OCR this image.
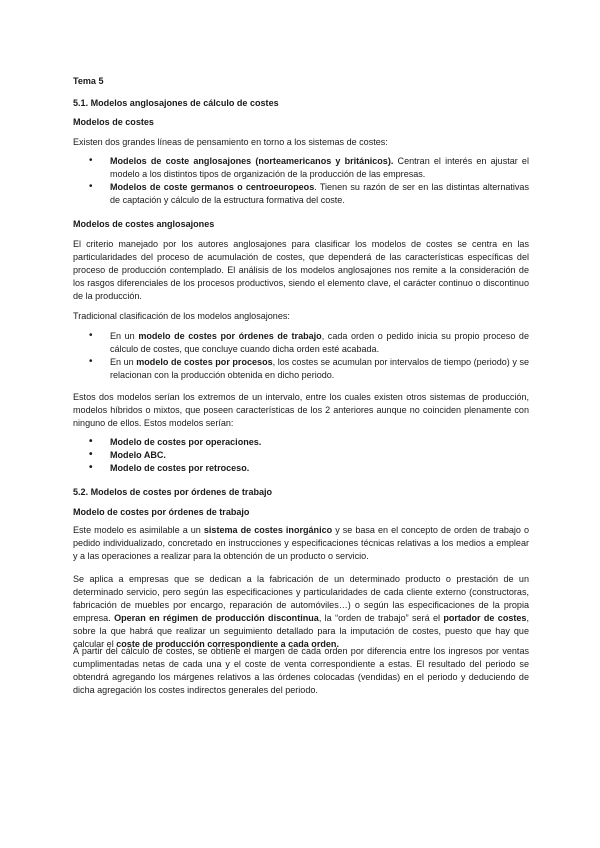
Tema 5
5.1. Modelos anglosajones de cálculo de costes
Modelos de costes

Existen dos grandes líneas de pensamiento en torno a los sistemas de costes:

• Modelos de coste anglosajones (norteamericanos y británicos). Centran el interés en ajustar el modelo a los distintos tipos de organización de la producción de las empresas.
• Modelos de coste germanos o centroeuropeos. Tienen su razón de ser en las distintas alternativas de captación y cálculo de la estructura formativa del coste.
Modelos de costes anglosajones

El criterio manejado por los autores anglosajones para clasificar los modelos de costes se centra en las particularidades del proceso de acumulación de costes, que dependerá de las características específicas del proceso de producción contemplado. El análisis de los modelos anglosajones nos remite a la consideración de los rasgos diferenciales de los procesos productivos, siendo el elemento clave, el carácter continuo o discontinuo de la producción.

Tradicional clasificación de los modelos anglosajones:

• En un modelo de costes por órdenes de trabajo, cada orden o pedido inicia su propio proceso de cálculo de costes, que concluye cuando dicha orden esté acabada.
• En un modelo de costes por procesos, los costes se acumulan por intervalos de tiempo (periodo) y se relacionan con la producción obtenida en dicho periodo.

Estos dos modelos serían los extremos de un intervalo, entre los cuales existen otros sistemas de producción, modelos híbridos o mixtos, que poseen características de los 2 anteriores aunque no coinciden plenamente con ninguno de ellos. Estos modelos serían:

• Modelo de costes por operaciones.
• Modelo ABC.
• Modelo de costes por retroceso.
5.2. Modelos de costes por órdenes de trabajo
Modelo de costes por órdenes de trabajo

Este modelo es asimilable a un sistema de costes inorgánico y se basa en el concepto de orden de trabajo o pedido individualizado, concretado en instrucciones y especificaciones técnicas relativas a los medios a emplear y a las operaciones a realizar para la obtención de un producto o servicio.

Se aplica a empresas que se dedican a la fabricación de un determinado producto o prestación de un determinado servicio, pero según las especificaciones y particularidades de cada cliente externo (constructoras, fabricación de muebles por encargo, reparación de automóviles…) o según las especificaciones de la propia empresa. Operan en régimen de producción discontinua, la “orden de trabajo” será el portador de costes, sobre la que habrá que realizar un seguimiento detallado para la imputación de costes, puesto que hay que calcular el coste de producción correspondiente a cada orden.

A partir del cálculo de costes, se obtiene el margen de cada orden por diferencia entre los ingresos por ventas cumplimentadas netas de cada una y el coste de venta correspondiente a estas. El resultado del periodo se obtendrá agregando los márgenes relativos a las órdenes colocadas (vendidas) en el periodo y deduciendo de dicha agregación los costes indirectos generales del periodo.
